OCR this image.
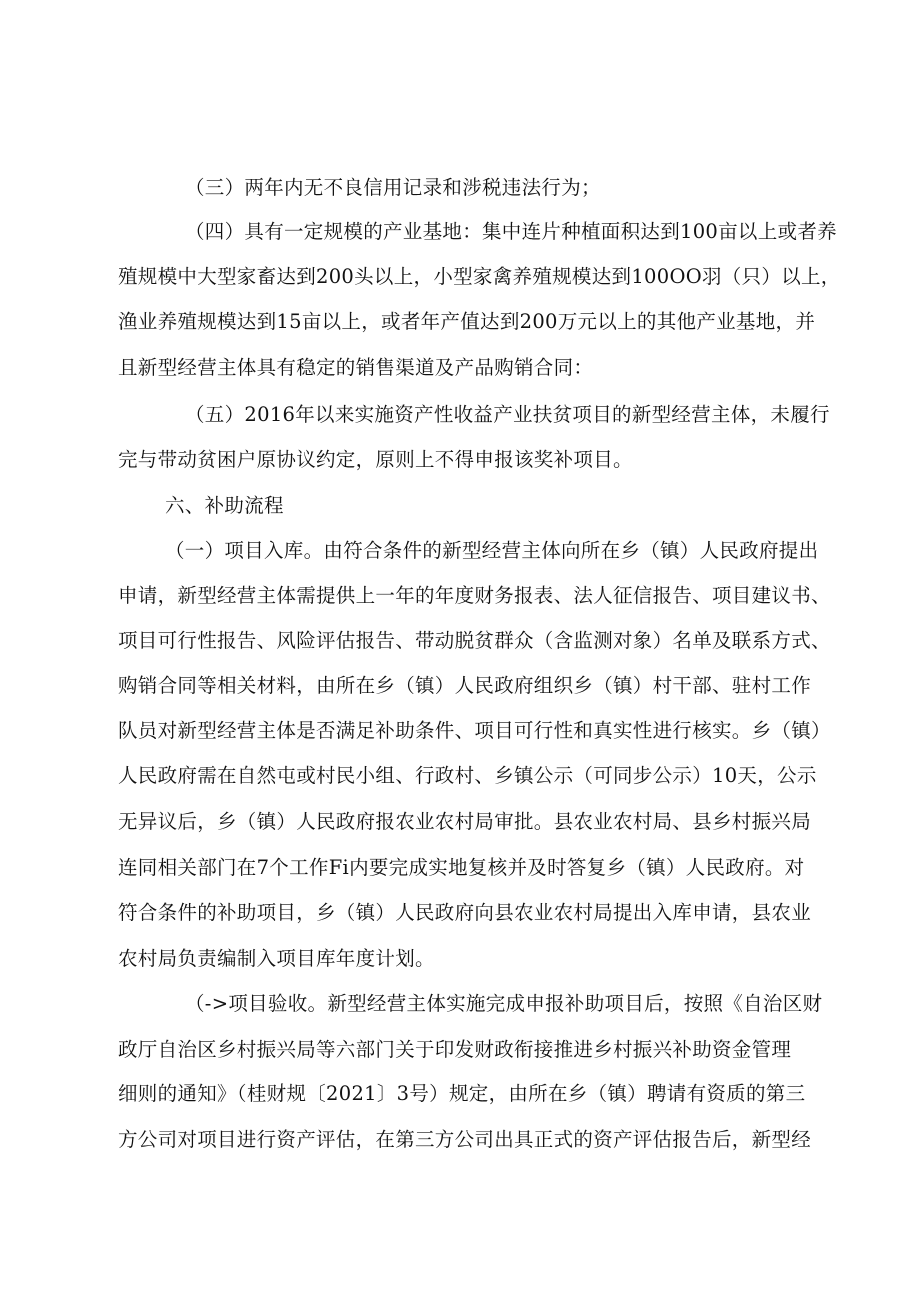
（三）两年内无不良信用记录和涉税违法行为；
（四）具有一定规模的产业基地：集中连片种植面积达到100亩以上或者养
殖规模中大型家畜达到200头以上，小型家禽养殖规模达到100OO羽（只）以上，
渔业养殖规模达到15亩以上，或者年产值达到200万元以上的其他产业基地，并
且新型经营主体具有稳定的销售渠道及产品购销合同：
（五）2016年以来实施资产性收益产业扶贫项目的新型经营主体，未履行
完与带动贫困户原协议约定，原则上不得申报该奖补项目。
六、补助流程
（一）项目入库。由符合条件的新型经营主体向所在乡（镇）人民政府提出
申请，新型经营主体需提供上一年的年度财务报表、法人征信报告、项目建议书、
项目可行性报告、风险评估报告、带动脱贫群众（含监测对象）名单及联系方式、
购销合同等相关材料，由所在乡（镇）人民政府组织乡（镇）村干部、驻村工作
队员对新型经营主体是否满足补助条件、项目可行性和真实性进行核实。乡（镇）
人民政府需在自然屯或村民小组、行政村、乡镇公示（可同步公示）10天，公示
无异议后，乡（镇）人民政府报农业农村局审批。县农业农村局、县乡村振兴局
连同相关部门在7个工作Fi内要完成实地复核并及时答复乡（镇）人民政府。对
符合条件的补助项目，乡（镇）人民政府向县农业农村局提出入库申请，县农业
农村局负责编制入项目库年度计划。
（->项目验收。新型经营主体实施完成申报补助项目后，按照《自治区财
政厅自治区乡村振兴局等六部门关于印发财政衔接推进乡村振兴补助资金管理
细则的通知》（桂财规〔2021〕3号）规定，由所在乡（镇）聘请有资质的第三
方公司对项目进行资产评估，在第三方公司出具正式的资产评估报告后，新型经
